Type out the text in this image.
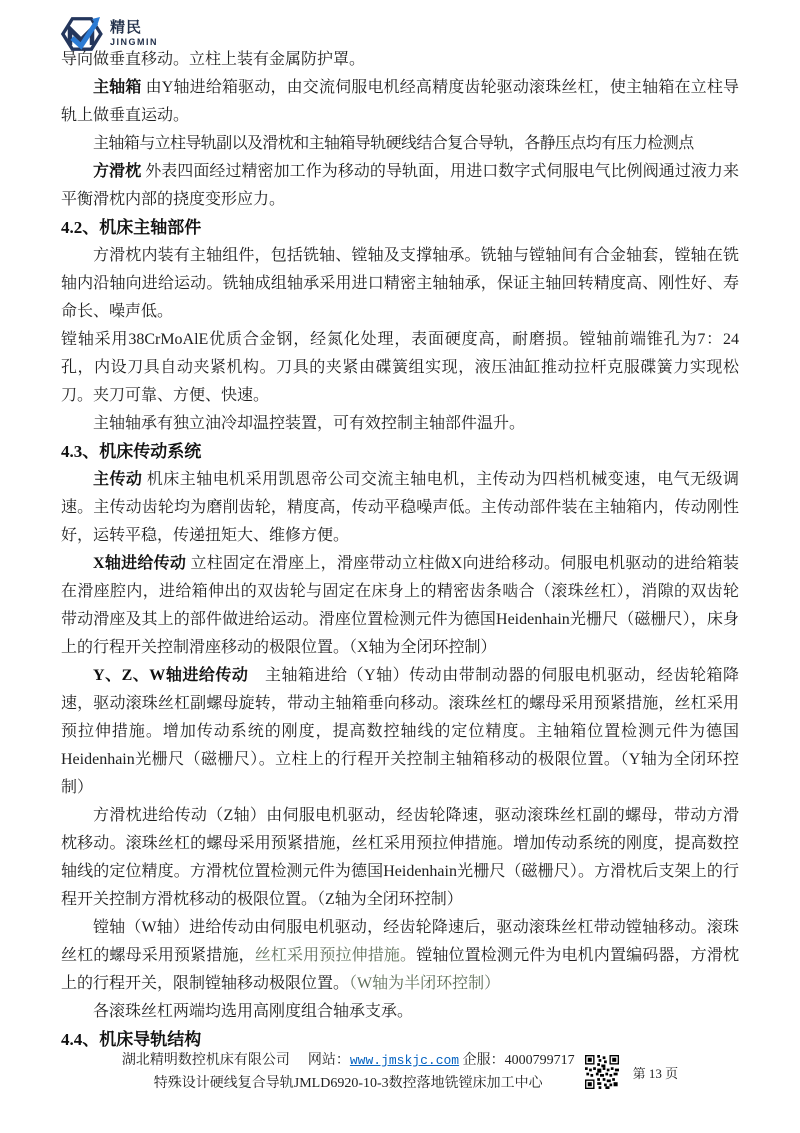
精民
JINGMIN

导向做垂直移动。立柱上装有金属防护罩。

主轴箱 由Y轴进给箱驱动，由交流伺服电机经高精度齿轮驱动滚珠丝杠，使主轴箱在立柱导轨上做垂直运动。

主轴箱与立柱导轨副以及滑枕和主轴箱导轨硬线结合复合导轨，各静压点均有压力检测点

方滑枕 外表四面经过精密加工作为移动的导轨面，用进口数字式伺服电气比例阀通过液力来平衡滑枕内部的挠度变形应力。

4.2、机床主轴部件

方滑枕内装有主轴组件，包括铣轴、镗轴及支撑轴承。铣轴与镗轴间有合金轴套，镗轴在铣轴内沿轴向进给运动。铣轴成组轴承采用进口精密主轴轴承，保证主轴回转精度高、刚性好、寿命长、噪声低。

镗轴采用38CrMoAlE优质合金钢，经氮化处理，表面硬度高，耐磨损。镗轴前端锥孔为7：24孔，内设刀具自动夹紧机构。刀具的夹紧由碟簧组实现，液压油缸推动拉杆克服碟簧力实现松刀。夹刀可靠、方便、快速。

主轴轴承有独立油冷却温控装置，可有效控制主轴部件温升。

4.3、机床传动系统

主传动 机床主轴电机采用凯恩帝公司交流主轴电机，主传动为四档机械变速，电气无级调速。主传动齿轮均为磨削齿轮，精度高，传动平稳噪声低。主传动部件装在主轴箱内，传动刚性好，运转平稳，传递扭矩大、维修方便。

X轴进给传动 立柱固定在滑座上，滑座带动立柱做X向进给移动。伺服电机驱动的进给箱装在滑座腔内，进给箱伸出的双齿轮与固定在床身上的精密齿条啮合（滚珠丝杠），消隙的双齿轮带动滑座及其上的部件做进给运动。滑座位置检测元件为德国Heidenhain光栅尺（磁栅尺），床身上的行程开关控制滑座移动的极限位置。（X轴为全闭环控制）

Y、Z、W轴进给传动　主轴箱进给（Y轴）传动由带制动器的伺服电机驱动，经齿轮箱降速，驱动滚珠丝杠副螺母旋转，带动主轴箱垂向移动。滚珠丝杠的螺母采用预紧措施，丝杠采用预拉伸措施。增加传动系统的刚度，提高数控轴线的定位精度。主轴箱位置检测元件为德国Heidenhain光栅尺（磁栅尺）。立柱上的行程开关控制主轴箱移动的极限位置。（Y轴为全闭环控制）

方滑枕进给传动（Z轴）由伺服电机驱动，经齿轮降速，驱动滚珠丝杠副的螺母，带动方滑枕移动。滚珠丝杠的螺母采用预紧措施，丝杠采用预拉伸措施。增加传动系统的刚度，提高数控轴线的定位精度。方滑枕位置检测元件为德国Heidenhain光栅尺（磁栅尺）。方滑枕后支架上的行程开关控制方滑枕移动的极限位置。（Z轴为全闭环控制）

镗轴（W轴）进给传动由伺服电机驱动，经齿轮降速后，驱动滚珠丝杠带动镗轴移动。滚珠丝杠的螺母采用预紧措施，丝杠采用预拉伸措施。镗轴位置检测元件为电机内置编码器，方滑枕上的行程开关，限制镗轴移动极限位置。（W轴为半闭环控制）

各滚珠丝杠两端均选用高刚度组合轴承支承。

4.4、机床导轨结构
湖北精明数控机床有限公司 网站：www.jmskjc.com 企服：4000799717
特殊设计硬线复合导轨JMLD6920-10-3数控落地铣镗床加工中心
第 13 页
